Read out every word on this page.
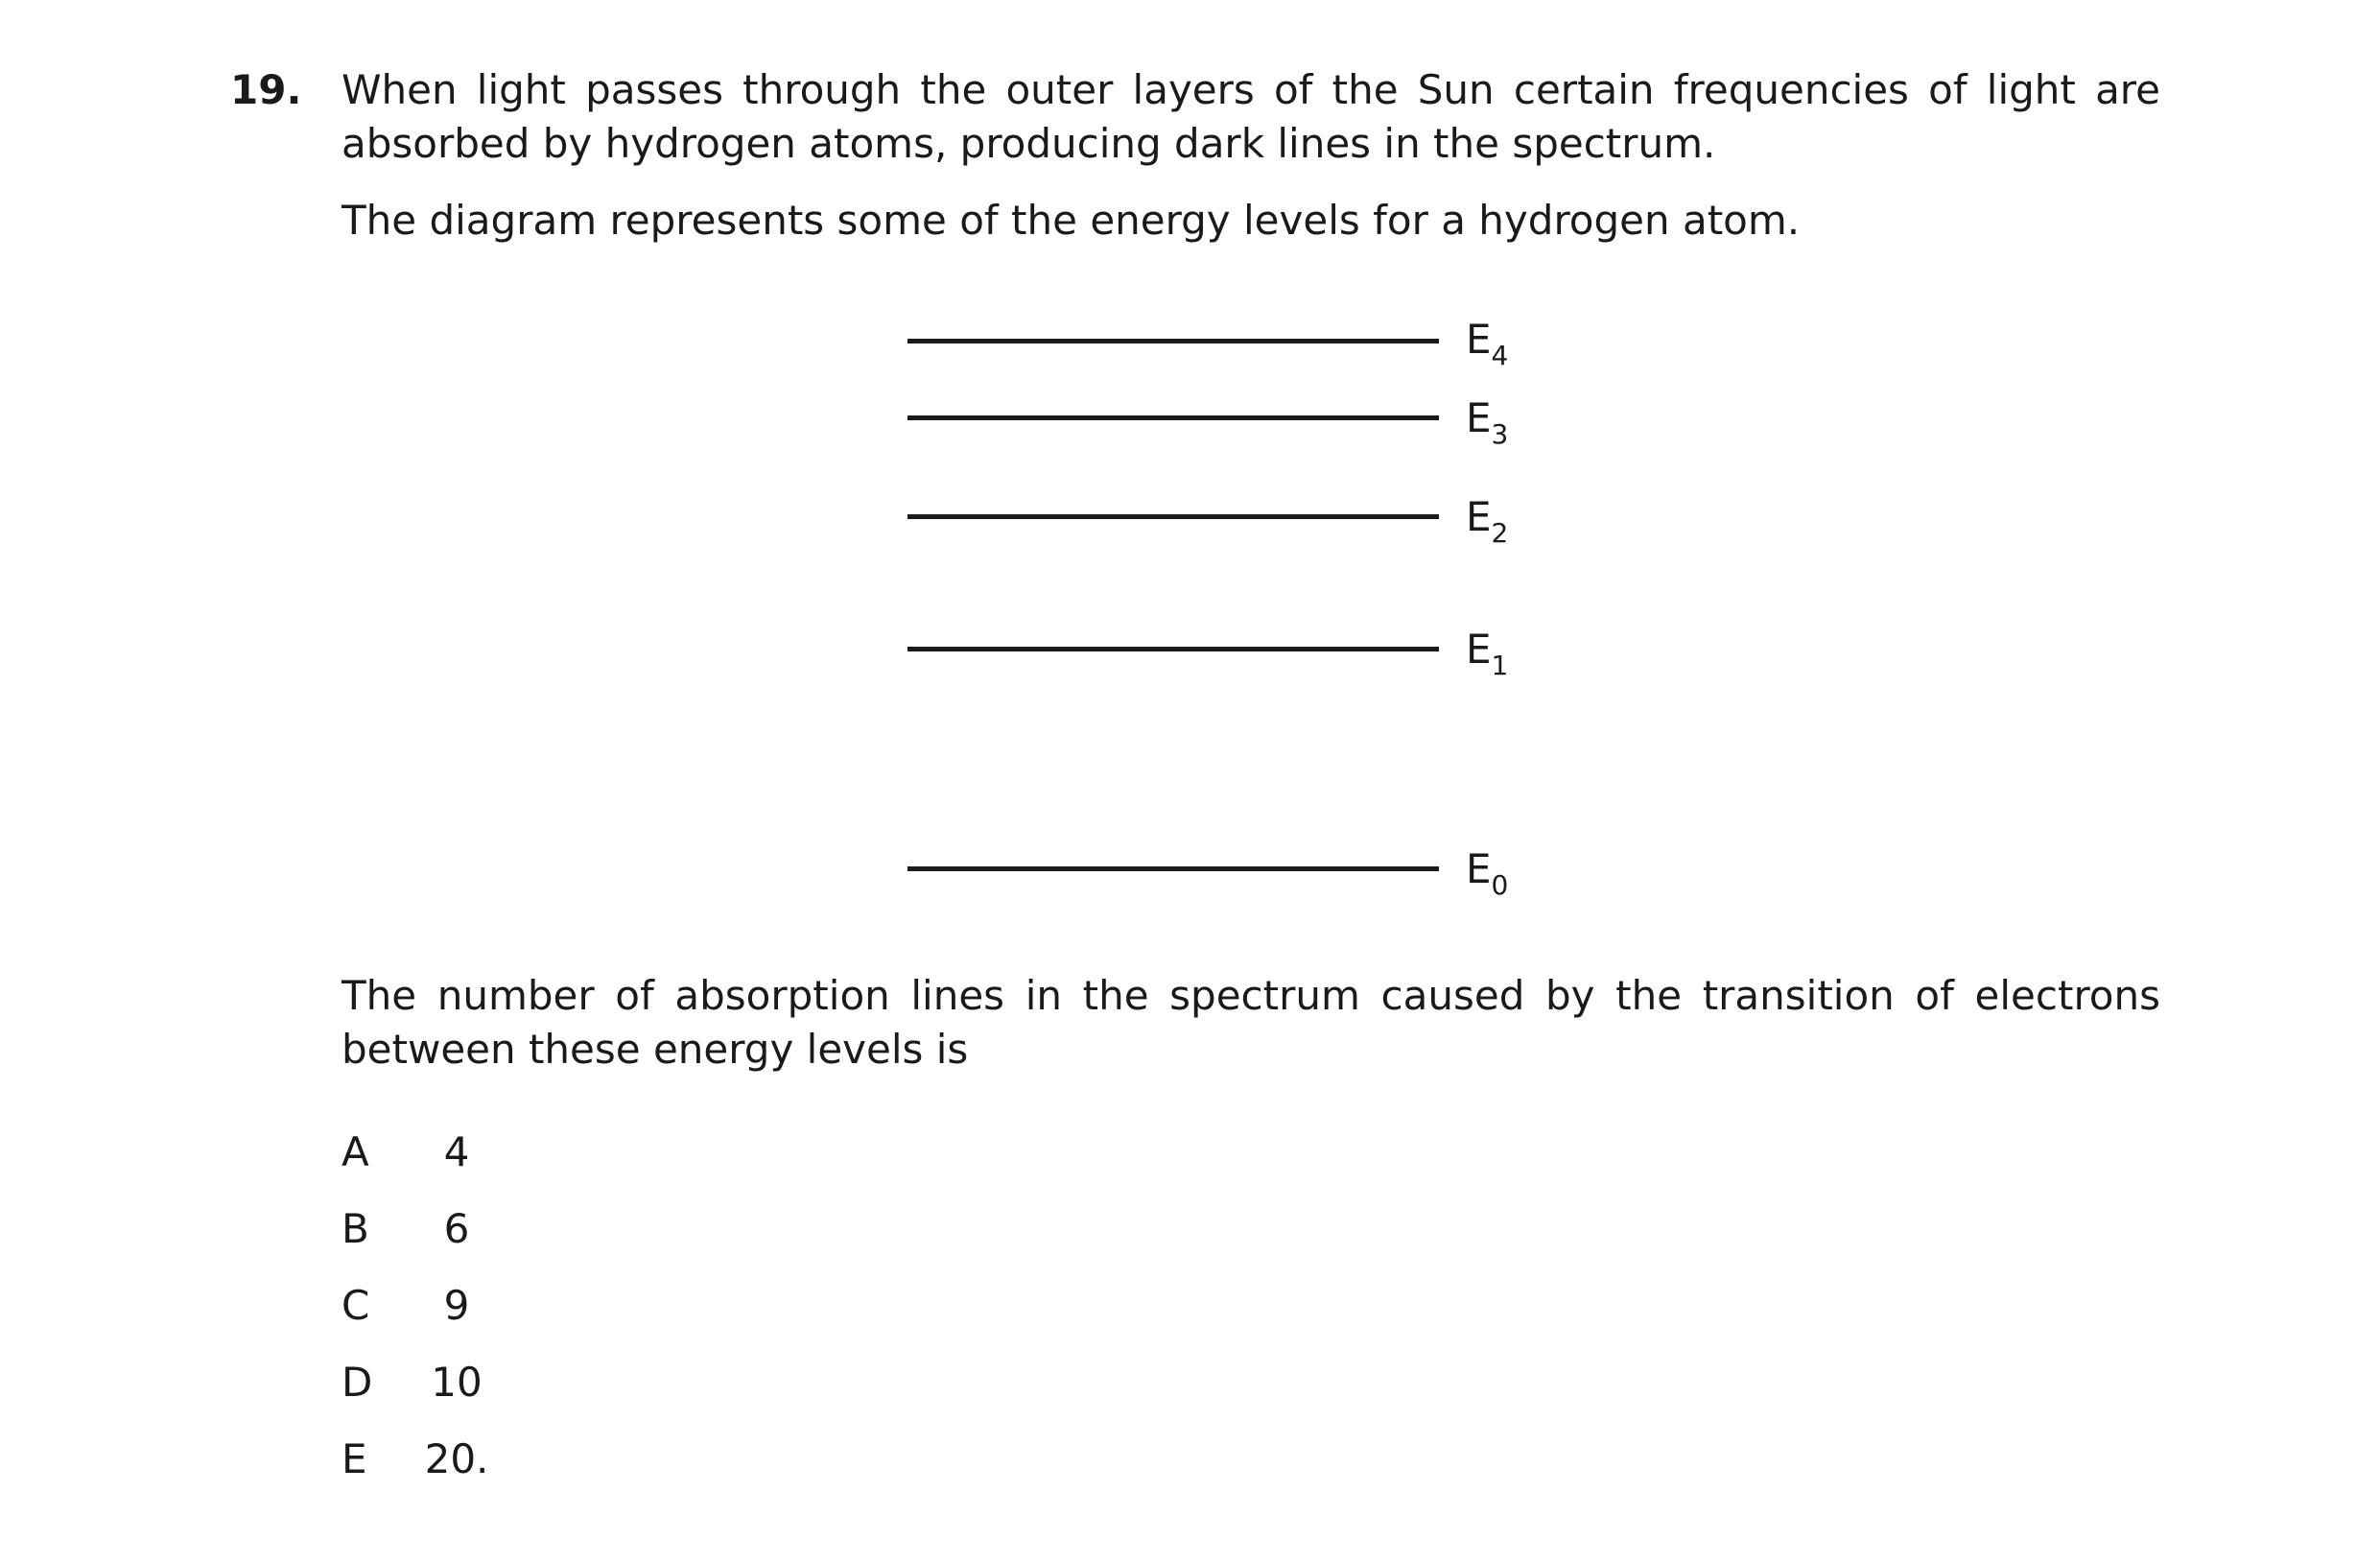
19. When light passes through the outer layers of the Sun certain frequencies of light are absorbed by hydrogen atoms, producing dark lines in the spectrum.
The diagram represents some of the energy levels for a hydrogen atom.
$E_4$
$E_3$
$E_2$
$E_1$
$E_0$
The number of absorption lines in the spectrum caused by the transition of electrons between these energy levels is
A	4
B	6
C	9
D	10
E	20.
